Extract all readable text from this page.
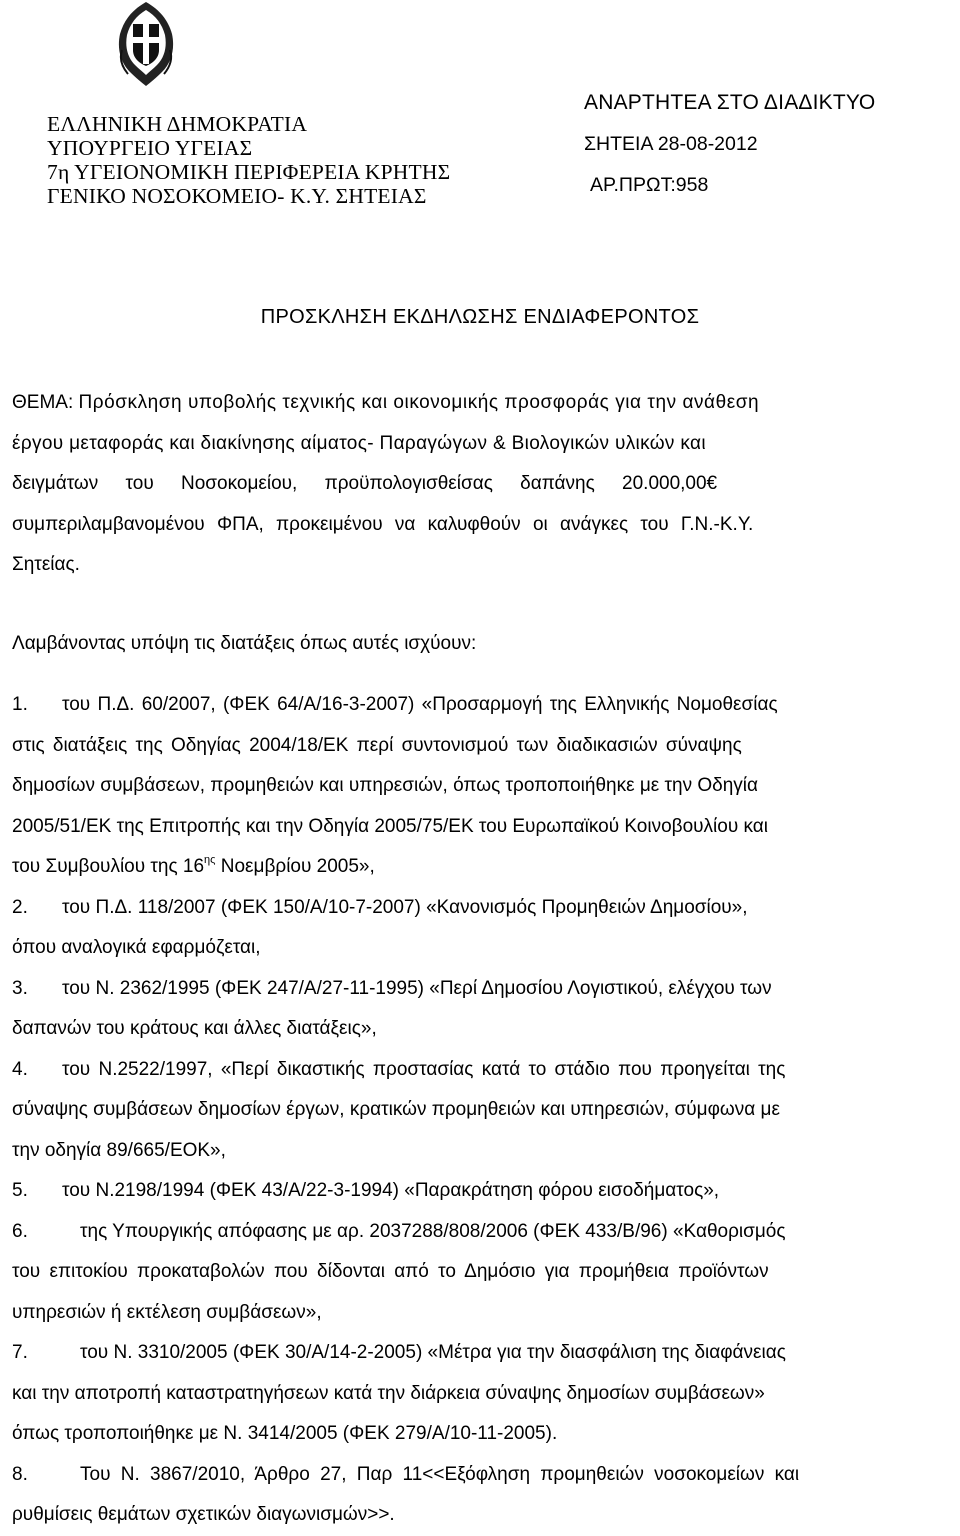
ΕΛΛΗΝΙΚΗ ΔΗΜΟΚΡΑΤΙΑ
ΥΠΟΥΡΓΕΙΟ ΥΓΕΙΑΣ
7η ΥΓΕΙΟΝΟΜΙΚΗ ΠΕΡΙΦΕΡΕΙΑ ΚΡΗΤΗΣ
ΓΕΝΙΚΟ ΝΟΣΟΚΟΜΕΙΟ- Κ.Υ. ΣΗΤΕΙΑΣ
ΑΝΑΡΤΗΤΕΑ ΣΤΟ ΔΙΑΔΙΚΤΥΟ
ΣΗΤΕΙΑ 28-08-2012
ΑΡ.ΠΡΩΤ:958
ΠΡΟΣΚΛΗΣΗ ΕΚΔΗΛΩΣΗΣ ΕΝΔΙΑΦΕΡΟΝΤΟΣ
ΘΕΜΑ: Πρόσκληση υποβολής τεχνικής και οικονομικής προσφοράς για την ανάθεση
έργου μεταφοράς και διακίνησης αίματος- Παραγώγων & Βιολογικών υλικών και
δειγμάτων του Νοσοκομείου, προϋπολογισθείσας δαπάνης 20.000,00€
συμπεριλαμβανομένου ΦΠΑ, προκειμένου να καλυφθούν οι ανάγκες του Γ.Ν.-Κ.Υ.
Σητείας.
Λαμβάνοντας υπόψη τις διατάξεις όπως αυτές ισχύουν:
1. του Π.Δ. 60/2007, (ΦΕΚ 64/Α/16-3-2007) «Προσαρμογή της Ελληνικής Νομοθεσίας
στις διατάξεις της Οδηγίας 2004/18/ΕΚ περί συντονισμού των διαδικασιών σύναψης
δημοσίων συμβάσεων, προμηθειών και υπηρεσιών, όπως τροποποιήθηκε με την Οδηγία
2005/51/ΕΚ της Επιτροπής και την Οδηγία 2005/75/ΕΚ του Ευρωπαϊκού Κοινοβουλίου και
του Συμβουλίου της $16^{\eta\varsigma}$ Νοεμβρίου 2005»,
2. του Π.Δ. 118/2007 (ΦΕΚ 150/Α/10-7-2007) «Κανονισμός Προμηθειών Δημοσίου»,
όπου αναλογικά εφαρμόζεται,
3. του Ν. 2362/1995 (ΦΕΚ 247/Α/27-11-1995) «Περί Δημοσίου Λογιστικού, ελέγχου των
δαπανών του κράτους και άλλες διατάξεις»,
4. του Ν.2522/1997, «Περί δικαστικής προστασίας κατά το στάδιο που προηγείται της
σύναψης συμβάσεων δημοσίων έργων, κρατικών προμηθειών και υπηρεσιών, σύμφωνα με
την οδηγία 89/665/ΕΟΚ»,
5. του Ν.2198/1994 (ΦΕΚ 43/Α/22-3-1994) «Παρακράτηση φόρου εισοδήματος»,
6.	της Υπουργικής απόφασης με αρ. 2037288/808/2006 (ΦΕΚ 433/Β/96) «Καθορισμός
του επιτοκίου προκαταβολών που δίδονται από το Δημόσιο για προμήθεια προϊόντων
υπηρεσιών ή εκτέλεση συμβάσεων»,
7.	του Ν. 3310/2005 (ΦΕΚ 30/Α/14-2-2005) «Μέτρα για την διασφάλιση της διαφάνειας
και την αποτροπή καταστρατηγήσεων κατά την διάρκεια σύναψης δημοσίων συμβάσεων»
όπως τροποποιήθηκε με Ν. 3414/2005 (ΦΕΚ 279/Α/10-11-2005).
8.	Του Ν. 3867/2010, Άρθρο 27, Παρ 11<<Εξόφληση προμηθειών νοσοκομείων και
ρυθμίσεις θεμάτων σχετικών διαγωνισμών>>.
